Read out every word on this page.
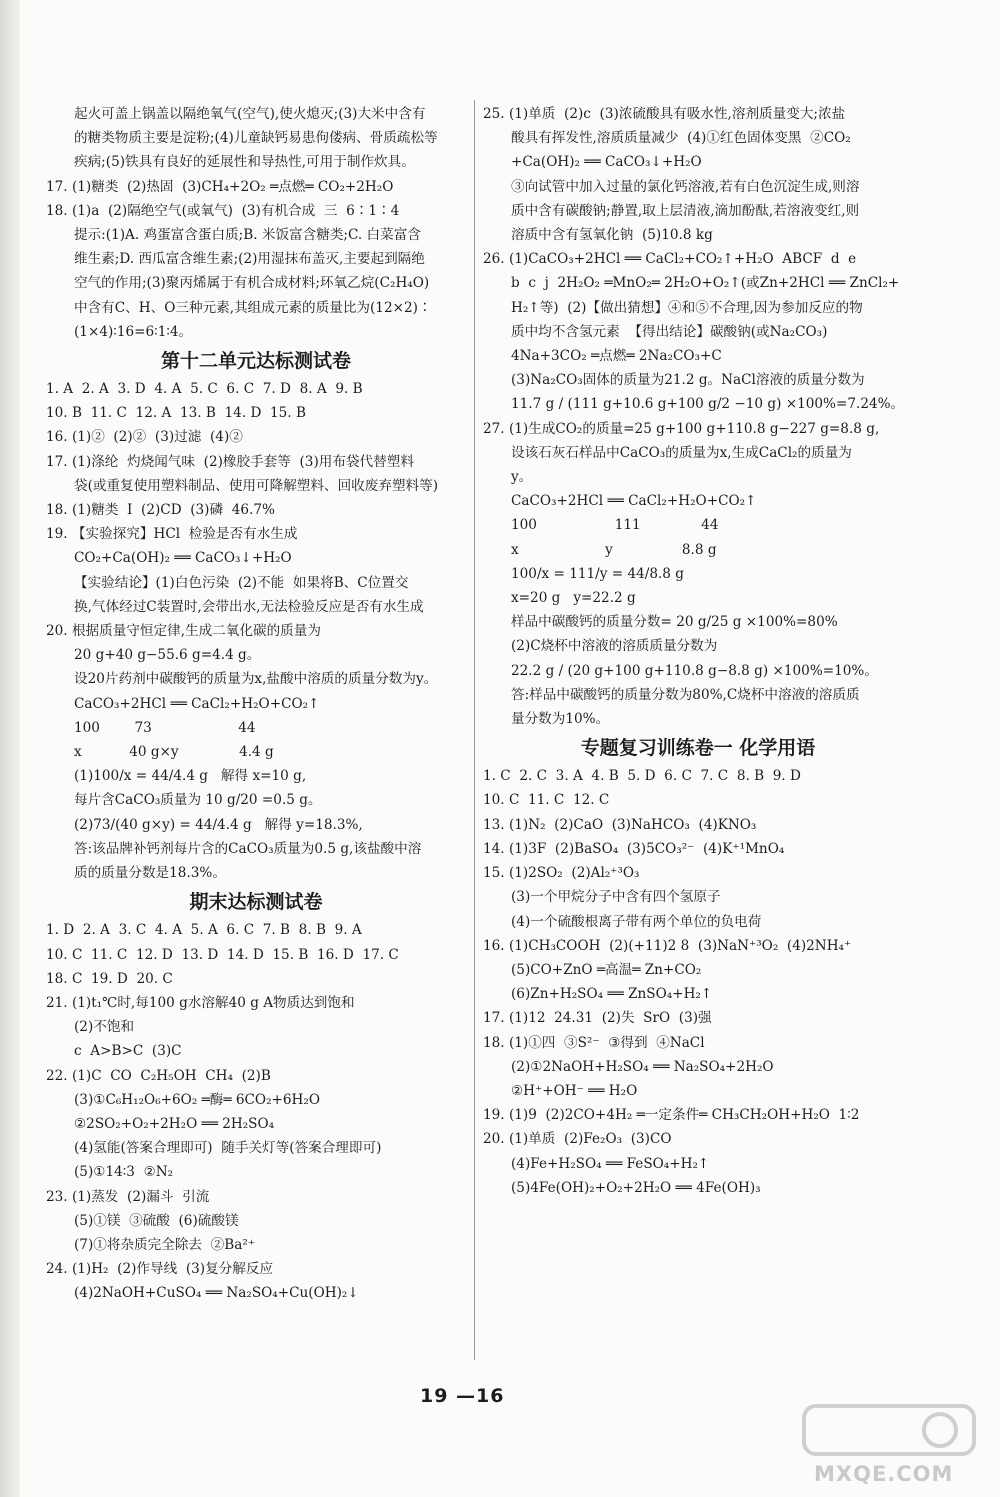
起火可盖上锅盖以隔绝氧气(空气),使火熄灭;(3)大米中含有
的糖类物质主要是淀粉;(4)儿童缺钙易患佝偻病、骨质疏松等
疾病;(5)铁具有良好的延展性和导热性,可用于制作炊具。
17. (1)糖类  (2)热固  (3)CH₄+2O₂ ═点燃═ CO₂+2H₂O
18. (1)a  (2)隔绝空气(或氧气)  (3)有机合成  三  6∶1∶4
提示:(1)A. 鸡蛋富含蛋白质;B. 米饭富含糖类;C. 白菜富含
维生素;D. 西瓜富含维生素;(2)用湿抹布盖灭,主要起到隔绝
空气的作用;(3)聚丙烯属于有机合成材料;环氧乙烷(C₂H₄O)
中含有C、H、O三种元素,其组成元素的质量比为(12×2)∶
(1×4)∶16=6∶1∶4。
第十二单元达标测试卷
1. A  2. A  3. D  4. A  5. C  6. C  7. D  8. A  9. B
10. B  11. C  12. A  13. B  14. D  15. B
16. (1)②  (2)②  (3)过滤  (4)②
17. (1)涤纶  灼烧闻气味  (2)橡胶手套等  (3)用布袋代替塑料
袋(或重复使用塑料制品、使用可降解塑料、回收废弃塑料等)
18. (1)糖类  I  (2)CD  (3)磷  46.7%
19. 【实验探究】HCl  检验是否有水生成
CO₂+Ca(OH)₂ ══ CaCO₃↓+H₂O
【实验结论】(1)白色污染  (2)不能  如果将B、C位置交
换,气体经过C装置时,会带出水,无法检验反应是否有水生成
20. 根据质量守恒定律,生成二氧化碳的质量为
20 g+40 g−55.6 g=4.4 g。
设20片药剂中碳酸钙的质量为x,盐酸中溶质的质量分数为y。
CaCO₃+2HCl ══ CaCl₂+H₂O+CO₂↑
100        73                    44
x           40 g×y              4.4 g
(1)100/x = 44/4.4 g   解得 x=10 g,
每片含CaCO₃质量为 10 g/20 =0.5 g。
(2)73/(40 g×y) = 44/4.4 g   解得 y=18.3%,
答:该品牌补钙剂每片含的CaCO₃质量为0.5 g,该盐酸中溶
质的质量分数是18.3%。
期末达标测试卷
1. D  2. A  3. C  4. A  5. A  6. C  7. B  8. B  9. A
10. C  11. C  12. D  13. D  14. D  15. B  16. D  17. C
18. C  19. D  20. C
21. (1)t₁℃时,每100 g水溶解40 g A物质达到饱和
(2)不饱和
c  A>B>C  (3)C
22. (1)C  CO  C₂H₅OH  CH₄  (2)B
(3)①C₆H₁₂O₆+6O₂ ═酶═ 6CO₂+6H₂O
②2SO₂+O₂+2H₂O ══ 2H₂SO₄
(4)氢能(答案合理即可)  随手关灯等(答案合理即可)
(5)①14∶3  ②N₂
23. (1)蒸发  (2)漏斗  引流
(5)①镁  ③硫酸  (6)硫酸镁
(7)①将杂质完全除去  ②Ba²⁺
24. (1)H₂  (2)作导线  (3)复分解反应
(4)2NaOH+CuSO₄ ══ Na₂SO₄+Cu(OH)₂↓
25. (1)单质  (2)c  (3)浓硫酸具有吸水性,溶剂质量变大;浓盐
酸具有挥发性,溶质质量减少  (4)①红色固体变黑  ②CO₂
+Ca(OH)₂ ══ CaCO₃↓+H₂O
③向试管中加入过量的氯化钙溶液,若有白色沉淀生成,则溶
质中含有碳酸钠;静置,取上层清液,滴加酚酞,若溶液变红,则
溶质中含有氢氧化钠  (5)10.8 kg
26. (1)CaCO₃+2HCl ══ CaCl₂+CO₂↑+H₂O  ABCF  d  e
b  c  j  2H₂O₂ ═MnO₂═ 2H₂O+O₂↑(或Zn+2HCl ══ ZnCl₂+
H₂↑等)  (2)【做出猜想】④和⑤不合理,因为参加反应的物
质中均不含氢元素  【得出结论】碳酸钠(或Na₂CO₃)
4Na+3CO₂ ═点燃═ 2Na₂CO₃+C
(3)Na₂CO₃固体的质量为21.2 g。NaCl溶液的质量分数为
11.7 g / (111 g+10.6 g+100 g/2 −10 g) ×100%=7.24%。
27. (1)生成CO₂的质量=25 g+100 g+110.8 g−227 g=8.8 g,
设该石灰石样品中CaCO₃的质量为x,生成CaCl₂的质量为
y。
CaCO₃+2HCl ══ CaCl₂+H₂O+CO₂↑
100                  111              44
x                    y                8.8 g
100/x = 111/y = 44/8.8 g
x=20 g   y=22.2 g
样品中碳酸钙的质量分数= 20 g/25 g ×100%=80%
(2)C烧杯中溶液的溶质质量分数为
22.2 g / (20 g+100 g+110.8 g−8.8 g) ×100%=10%。
答:样品中碳酸钙的质量分数为80%,C烧杯中溶液的溶质质
量分数为10%。
专题复习训练卷一 化学用语
1. C  2. C  3. A  4. B  5. D  6. C  7. C  8. B  9. D
10. C  11. C  12. C
13. (1)N₂  (2)CaO  (3)NaHCO₃  (4)KNO₃
14. (1)3F  (2)BaSO₄  (3)5CO₃²⁻  (4)K⁺¹MnO₄
15. (1)2SO₂  (2)Al₂⁺³O₃
(3)一个甲烷分子中含有四个氢原子
(4)一个硫酸根离子带有两个单位的负电荷
16. (1)CH₃COOH  (2)(+11)2 8  (3)NaN⁺³O₂  (4)2NH₄⁺
(5)CO+ZnO ═高温═ Zn+CO₂
(6)Zn+H₂SO₄ ══ ZnSO₄+H₂↑
17. (1)12  24.31  (2)失  SrO  (3)强
18. (1)①四  ③S²⁻  ③得到  ④NaCl
(2)①2NaOH+H₂SO₄ ══ Na₂SO₄+2H₂O
②H⁺+OH⁻ ══ H₂O
19. (1)9  (2)2CO+4H₂ ═一定条件═ CH₃CH₂OH+H₂O  1∶2
20. (1)单质  (2)Fe₂O₃  (3)CO
(4)Fe+H₂SO₄ ══ FeSO₄+H₂↑
(5)4Fe(OH)₂+O₂+2H₂O ══ 4Fe(OH)₃
19 —16
MXQE.COM
